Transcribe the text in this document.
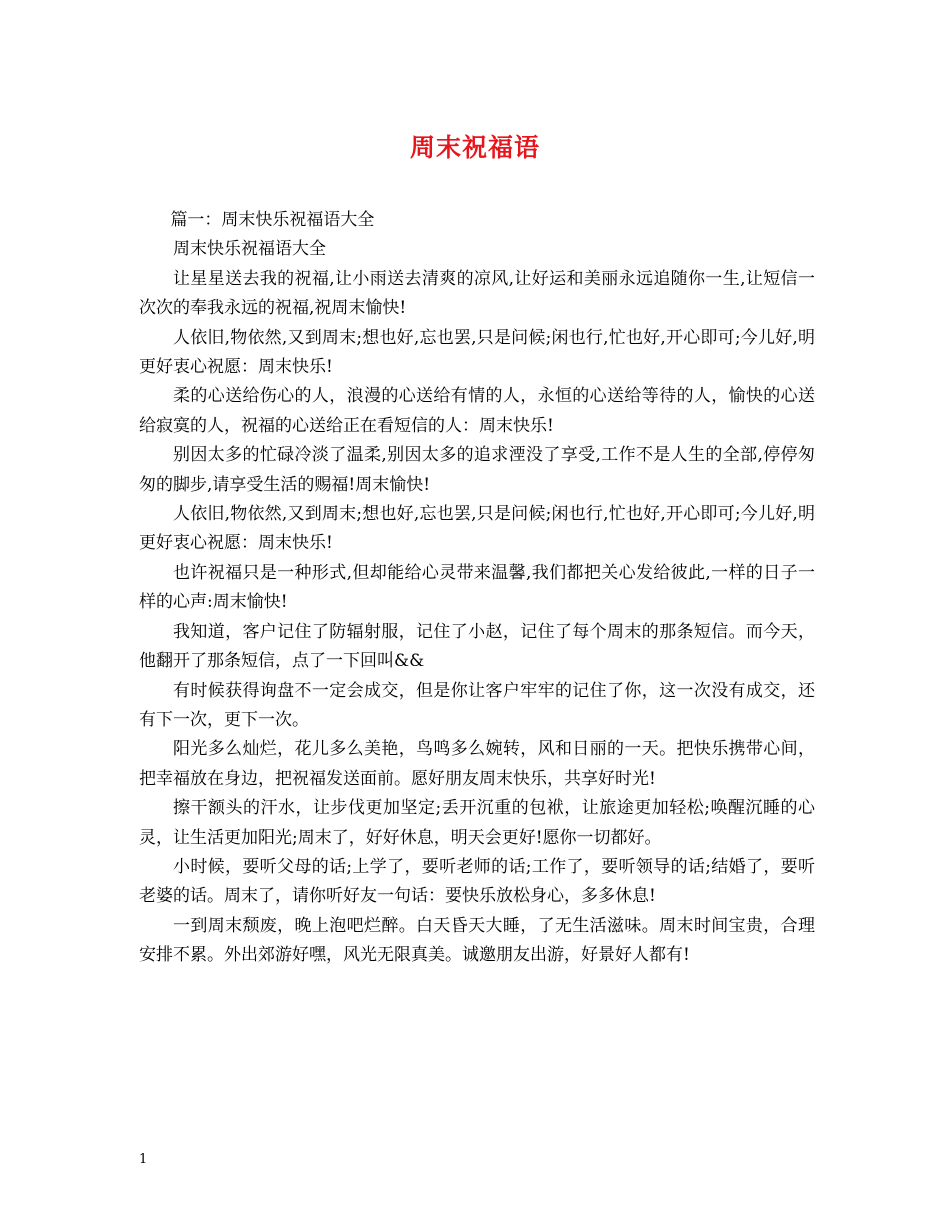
周末祝福语

篇一：周末快乐祝福语大全

周末快乐祝福语大全

让星星送去我的祝福,让小雨送去清爽的凉风,让好运和美丽永远追随你一生,让短信一次次的奉我永远的祝福,祝周末愉快!

人依旧,物依然,又到周末;想也好,忘也罢,只是问候;闲也行,忙也好,开心即可;今儿好,明更好衷心祝愿：周末快乐!

柔的心送给伤心的人，浪漫的心送给有情的人，永恒的心送给等待的人，愉快的心送给寂寞的人，祝福的心送给正在看短信的人：周末快乐!

别因太多的忙碌冷淡了温柔,别因太多的追求湮没了享受,工作不是人生的全部,停停匆匆的脚步,请享受生活的赐福!周末愉快!

人依旧,物依然,又到周末;想也好,忘也罢,只是问候;闲也行,忙也好,开心即可;今儿好,明更好衷心祝愿：周末快乐!

也许祝福只是一种形式,但却能给心灵带来温馨,我们都把关心发给彼此,一样的日子一样的心声:周末愉快!

我知道，客户记住了防辐射服，记住了小赵，记住了每个周末的那条短信。而今天，他翻开了那条短信，点了一下回叫&&

有时候获得询盘不一定会成交，但是你让客户牢牢的记住了你，这一次没有成交，还有下一次，更下一次。

阳光多么灿烂，花儿多么美艳，鸟鸣多么婉转，风和日丽的一天。把快乐携带心间，把幸福放在身边，把祝福发送面前。愿好朋友周末快乐，共享好时光!

擦干额头的汗水，让步伐更加坚定;丢开沉重的包袱，让旅途更加轻松;唤醒沉睡的心灵，让生活更加阳光;周末了，好好休息，明天会更好!愿你一切都好。

小时候，要听父母的话;上学了，要听老师的话;工作了，要听领导的话;结婚了，要听老婆的话。周末了，请你听好友一句话：要快乐放松身心，多多休息!

一到周末颓废，晚上泡吧烂醉。白天昏天大睡，了无生活滋味。周末时间宝贵，合理安排不累。外出郊游好嘿，风光无限真美。诚邀朋友出游，好景好人都有!

1
